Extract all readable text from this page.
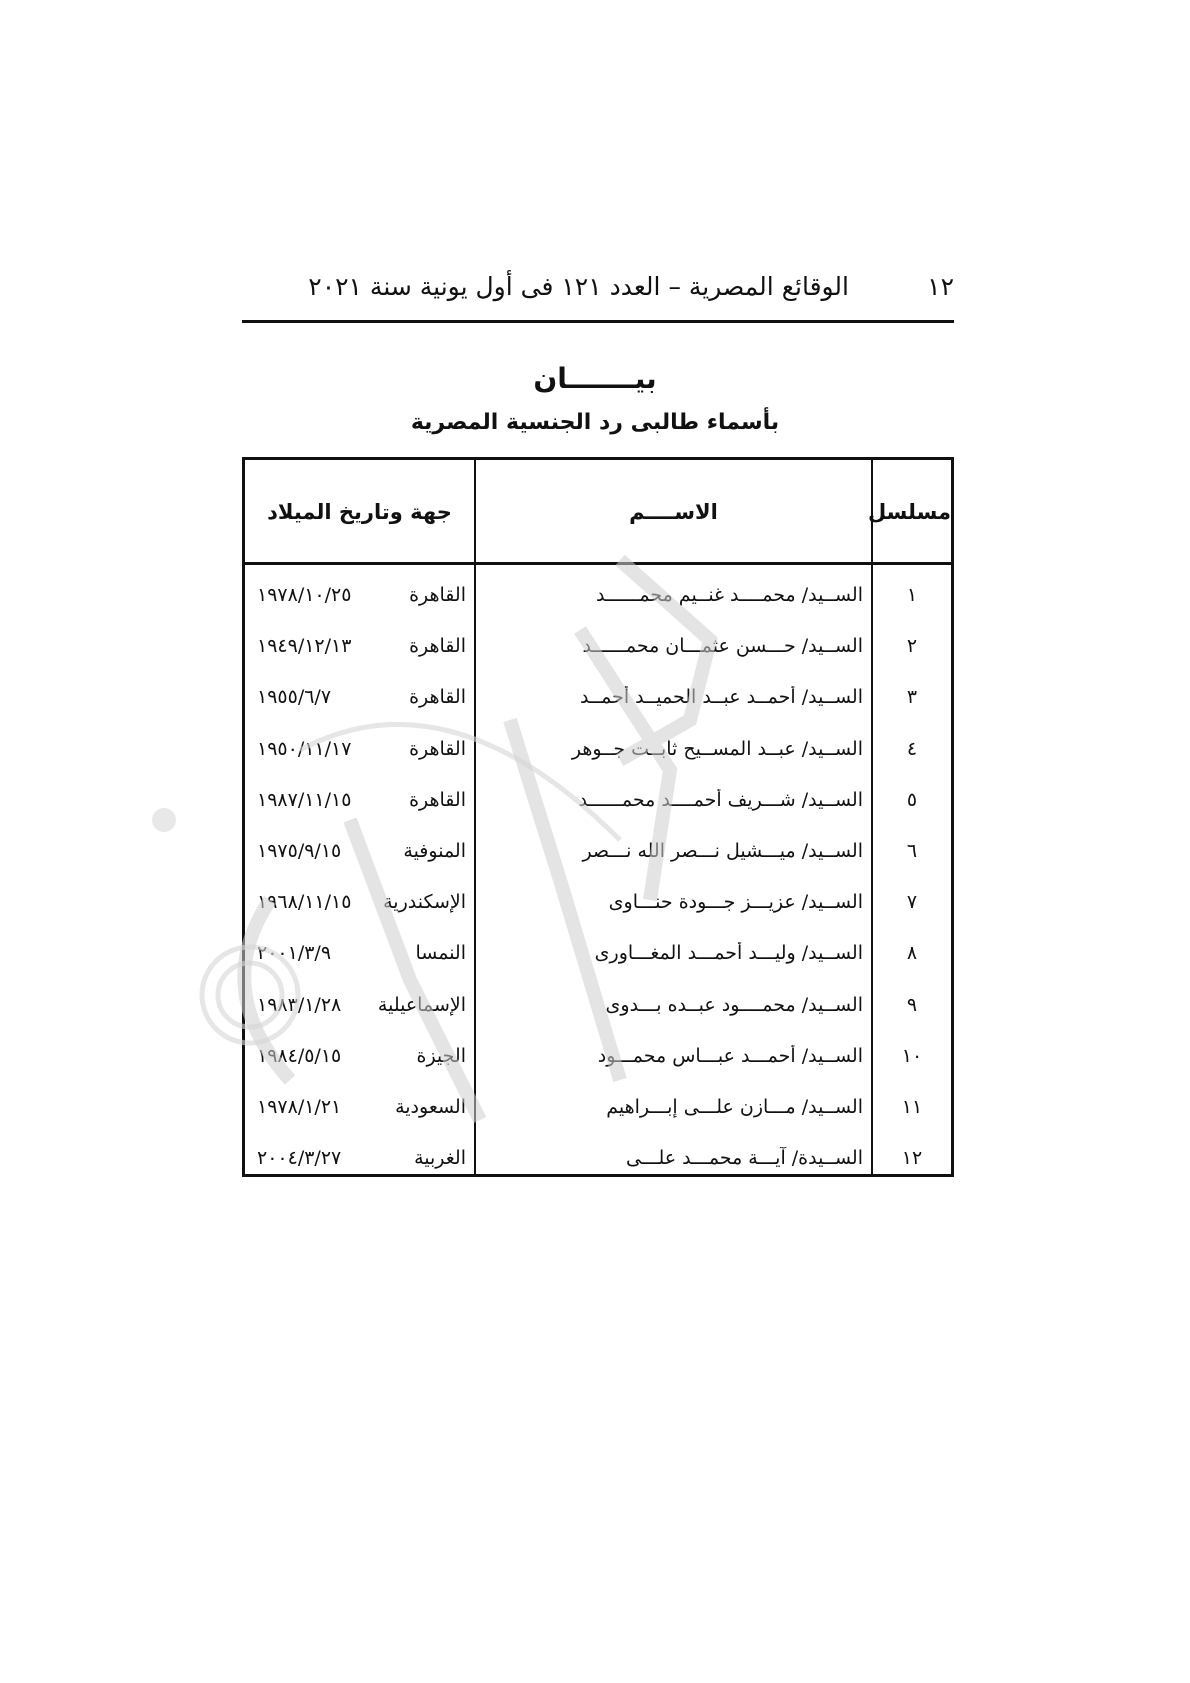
١٢
الوقائع المصرية – العدد ١٢١ فى أول يونية سنة ٢٠٢١
بيـــــــان
بأسماء طالبى رد الجنسية المصرية
مسلسل
الاســــم
جهة وتاريخ الميلاد
١
الســيد/ محمــــد غنــيم محمــــــد
القاهرة
١٩٧٨/١٠/٢٥
٢
الســيد/ حـــسن عثمـــان محمــــــد
القاهرة
١٩٤٩/١٢/١٣
٣
الســيد/ أحمــد عبــد الحميــد أحمــد
القاهرة
١٩٥٥/٦/٧
٤
الســيد/ عبــد المســيح ثابــت جــوهر
القاهرة
١٩٥٠/١١/١٧
٥
الســيد/ شـــريف أحمــــد محمــــــد
القاهرة
١٩٨٧/١١/١٥
٦
الســيد/ ميـــشيل نـــصر الله نـــصر
المنوفية
١٩٧٥/٩/١٥
٧
الســيد/ عزيـــز جـــودة حنـــاوى
الإسكندرية
١٩٦٨/١١/١٥
٨
الســيد/ وليـــد أحمـــد المغـــاورى
النمسا
٢٠٠١/٣/٩
٩
الســيد/ محمــــود عبــده بـــدوى
الإسماعيلية
١٩٨٣/١/٢٨
١٠
الســيد/ أحمـــد عبـــاس محمـــود
الجيزة
١٩٨٤/٥/١٥
١١
الســيد/ مـــازن علـــى إبـــراهيم
السعودية
١٩٧٨/١/٢١
١٢
الســيدة/ آيـــة محمـــد علـــى
الغربية
٢٠٠٤/٣/٢٧
